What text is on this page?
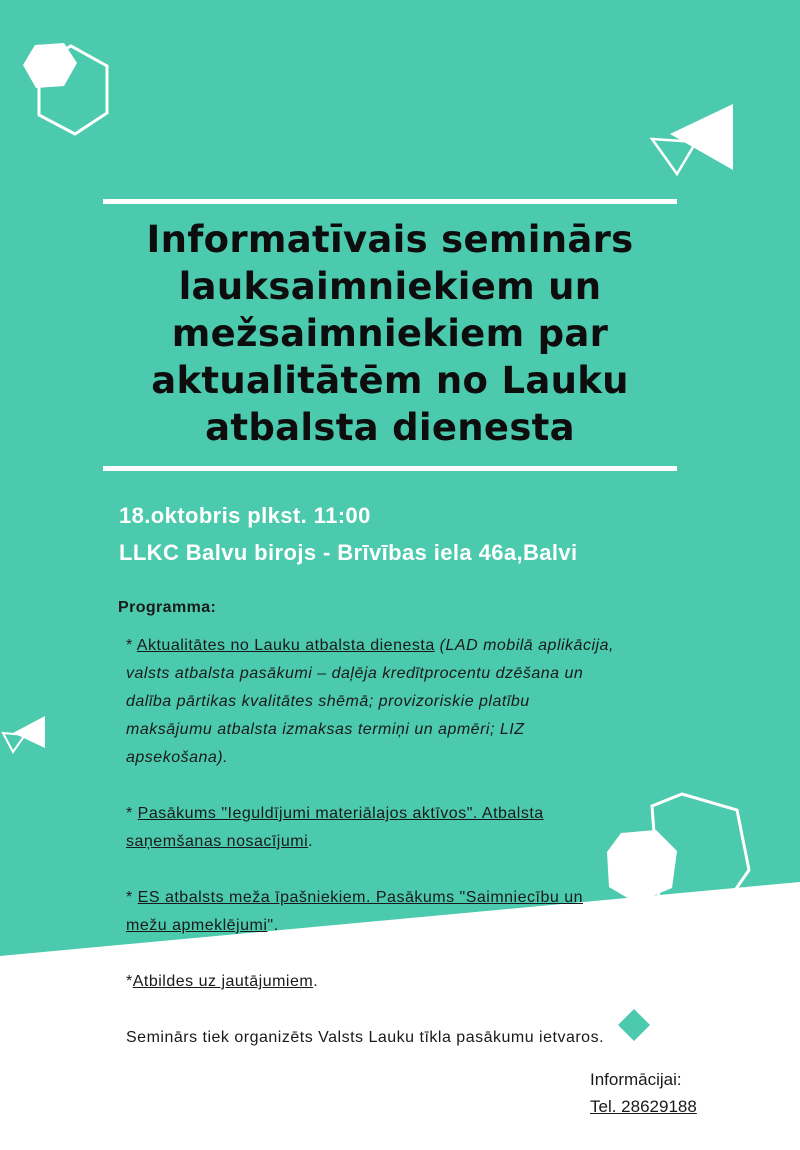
Informatīvais seminārs
lauksaimniekiem un
mežsaimniekiem par
aktualitātēm no Lauku
atbalsta dienesta
18.oktobris plkst. 11:00
LLKC Balvu birojs - Brīvības iela 46a,Balvi
Programma:

* Aktualitātes no Lauku atbalsta dienesta (LAD mobilā aplikācija, valsts atbalsta pasākumi – daļēja kredītprocentu dzēšana un dalība pārtikas kvalitātes shēmā; provizoriskie platību maksājumu atbalsta izmaksas termiņi un apmēri; LIZ apsekošana).

* Pasākums "Ieguldījumi materiālajos aktīvos". Atbalsta saņemšanas nosacījumi.

* ES atbalsts meža īpašniekiem. Pasākums "Saimniecību un mežu apmeklējumi".

*Atbildes uz jautājumiem.

Seminārs tiek organizēts Valsts Lauku tīkla pasākumu ietvaros.

Informācijai:
Tel. 28629188
